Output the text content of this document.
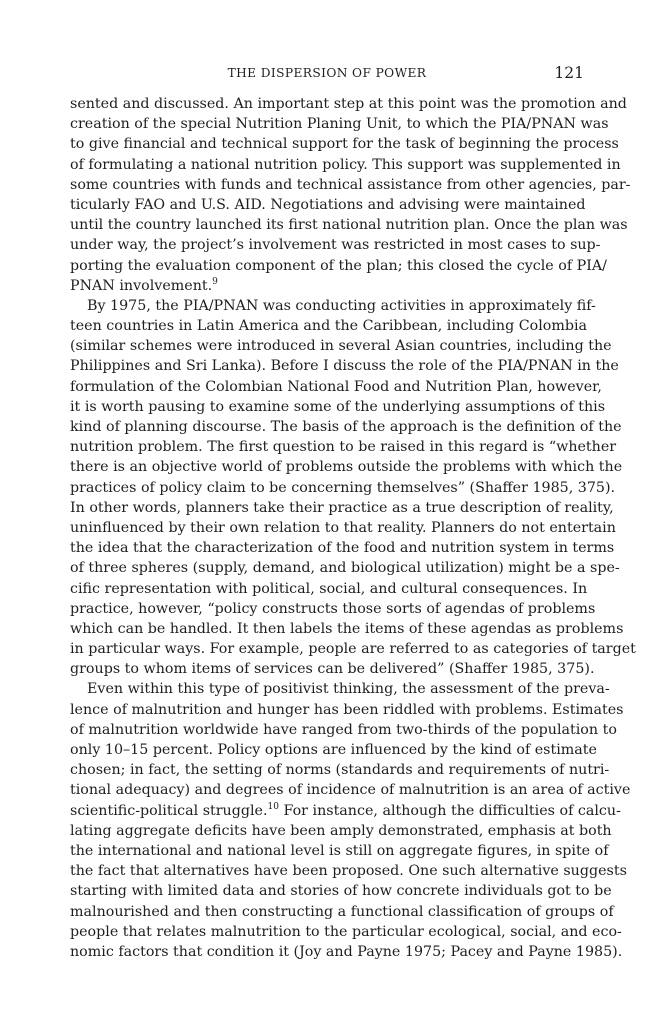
THE DISPERSION OF POWER	121
sented and discussed. An important step at this point was the promotion and
creation of the special Nutrition Planing Unit, to which the PIA/PNAN was
to give financial and technical support for the task of beginning the process
of formulating a national nutrition policy. This support was supplemented in
some countries with funds and technical assistance from other agencies, par-
ticularly FAO and U.S. AID. Negotiations and advising were maintained
until the country launched its first national nutrition plan. Once the plan was
under way, the project’s involvement was restricted in most cases to sup-
porting the evaluation component of the plan; this closed the cycle of PIA/
PNAN involvement.$^9$
By 1975, the PIA/PNAN was conducting activities in approximately fif-
teen countries in Latin America and the Caribbean, including Colombia
(similar schemes were introduced in several Asian countries, including the
Philippines and Sri Lanka). Before I discuss the role of the PIA/PNAN in the
formulation of the Colombian National Food and Nutrition Plan, however,
it is worth pausing to examine some of the underlying assumptions of this
kind of planning discourse. The basis of the approach is the definition of the
nutrition problem. The first question to be raised in this regard is “whether
there is an objective world of problems outside the problems with which the
practices of policy claim to be concerning themselves” (Shaffer 1985, 375).
In other words, planners take their practice as a true description of reality,
uninfluenced by their own relation to that reality. Planners do not entertain
the idea that the characterization of the food and nutrition system in terms
of three spheres (supply, demand, and biological utilization) might be a spe-
cific representation with political, social, and cultural consequences. In
practice, however, “policy constructs those sorts of agendas of problems
which can be handled. It then labels the items of these agendas as problems
in particular ways. For example, people are referred to as categories of target
groups to whom items of services can be delivered” (Shaffer 1985, 375).
Even within this type of positivist thinking, the assessment of the preva-
lence of malnutrition and hunger has been riddled with problems. Estimates
of malnutrition worldwide have ranged from two-thirds of the population to
only 10–15 percent. Policy options are influenced by the kind of estimate
chosen; in fact, the setting of norms (standards and requirements of nutri-
tional adequacy) and degrees of incidence of malnutrition is an area of active
scientific-political struggle.$^{10}$ For instance, although the difficulties of calcu-
lating aggregate deficits have been amply demonstrated, emphasis at both
the international and national level is still on aggregate figures, in spite of
the fact that alternatives have been proposed. One such alternative suggests
starting with limited data and stories of how concrete individuals got to be
malnourished and then constructing a functional classification of groups of
people that relates malnutrition to the particular ecological, social, and eco-
nomic factors that condition it (Joy and Payne 1975; Pacey and Payne 1985).
